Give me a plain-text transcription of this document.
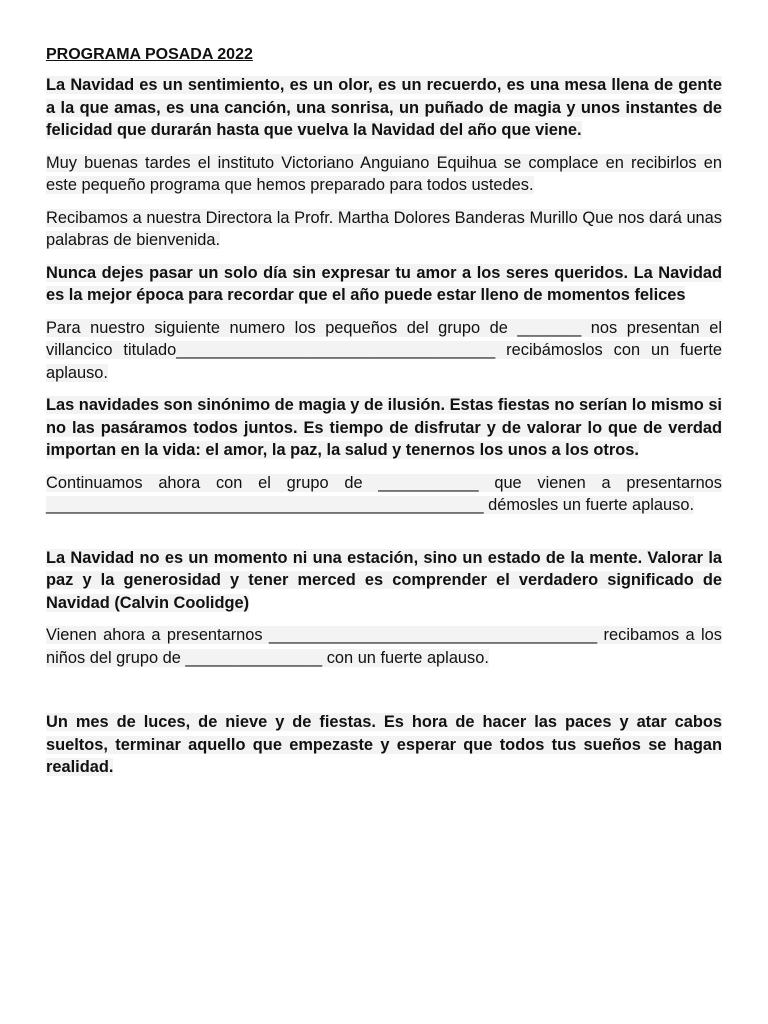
PROGRAMA POSADA 2022

La Navidad es un sentimiento, es un olor, es un recuerdo, es una mesa llena de gente a la que amas, es una canción, una sonrisa, un puñado de magia y unos instantes de felicidad que durarán hasta que vuelva la Navidad del año que viene.

Muy buenas tardes el instituto Victoriano Anguiano Equihua se complace en recibirlos en este pequeño programa que hemos preparado para todos ustedes.

Recibamos a nuestra Directora la Profr. Martha Dolores Banderas Murillo Que nos dará unas palabras de bienvenida.

Nunca dejes pasar un solo día sin expresar tu amor a los seres queridos. La Navidad es la mejor época para recordar que el año puede estar lleno de momentos felices

Para nuestro siguiente numero los pequeños del grupo de _______ nos presentan el villancico titulado___________________________________ recibámoslos con un fuerte aplauso.

Las navidades son sinónimo de magia y de ilusión. Estas fiestas no serían lo mismo si no las pasáramos todos juntos. Es tiempo de disfrutar y de valorar lo que de verdad importan en la vida: el amor, la paz, la salud y tenernos los unos a los otros.

Continuamos ahora con el grupo de ___________ que vienen a presentarnos ________________________________________________ démosles un fuerte aplauso.

La Navidad no es un momento ni una estación, sino un estado de la mente. Valorar la paz y la generosidad y tener merced es comprender el verdadero significado de Navidad (Calvin Coolidge)

Vienen ahora a presentarnos ____________________________________ recibamos a los niños del grupo de _______________ con un fuerte aplauso.

Un mes de luces, de nieve y de fiestas. Es hora de hacer las paces y atar cabos sueltos, terminar aquello que empezaste y esperar que todos tus sueños se hagan realidad.
